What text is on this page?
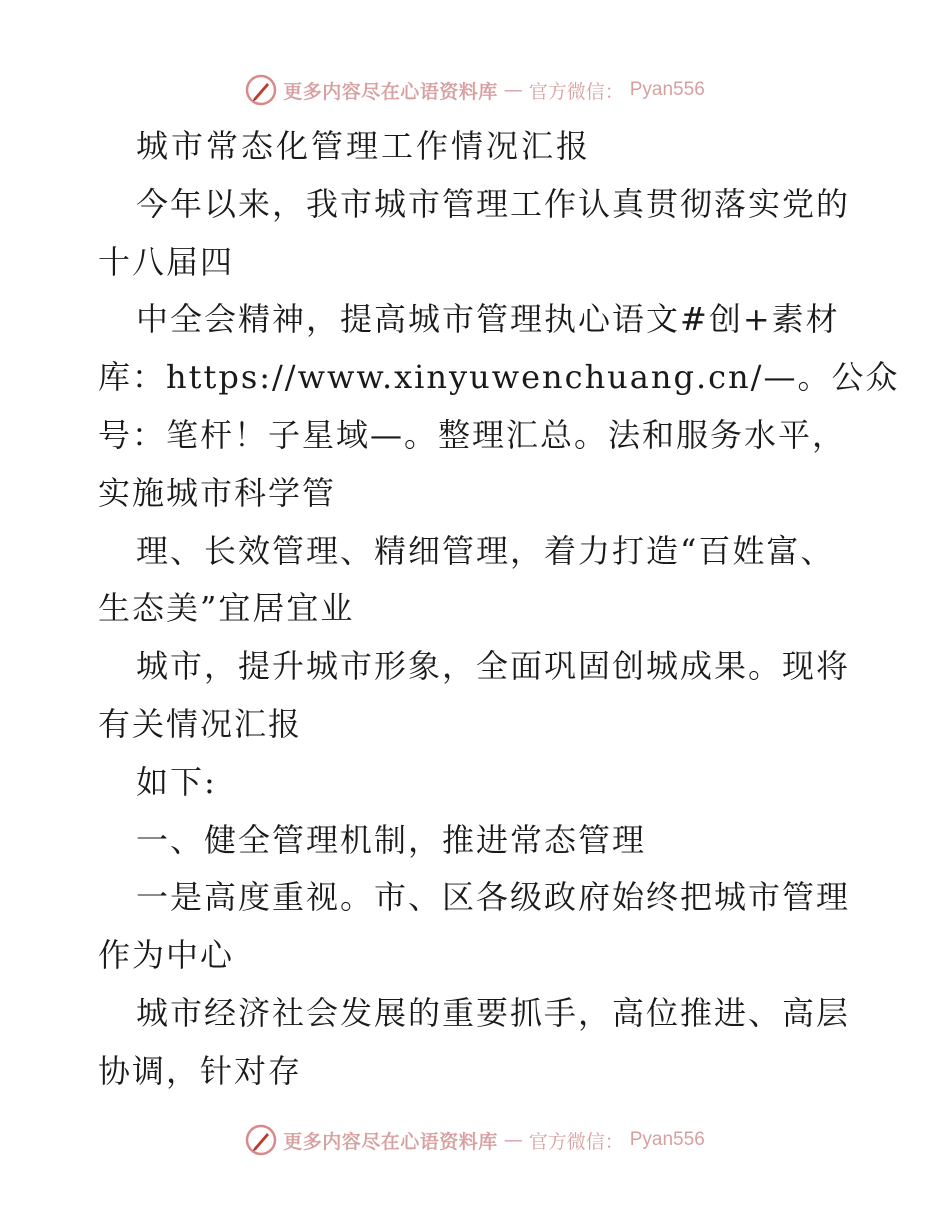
更多内容尽在心语资料库 — 官方微信： Pyan556
城市常态化管理工作情况汇报
今年以来，我市城市管理工作认真贯彻落实党的
十八届四
中全会精神，提高城市管理执心语文#创+素材
库：https://www.xinyuwenchuang.cn/—。公众
号：笔杆！子星域—。整理汇总。法和服务水平，
实施城市科学管
理、长效管理、精细管理，着力打造“百姓富、
生态美”宜居宜业
城市，提升城市形象，全面巩固创城成果。现将
有关情况汇报
如下:
一、健全管理机制，推进常态管理
一是高度重视。市、区各级政府始终把城市管理
作为中心
城市经济社会发展的重要抓手，高位推进、高层
协调，针对存
更多内容尽在心语资料库 — 官方微信： Pyan556
